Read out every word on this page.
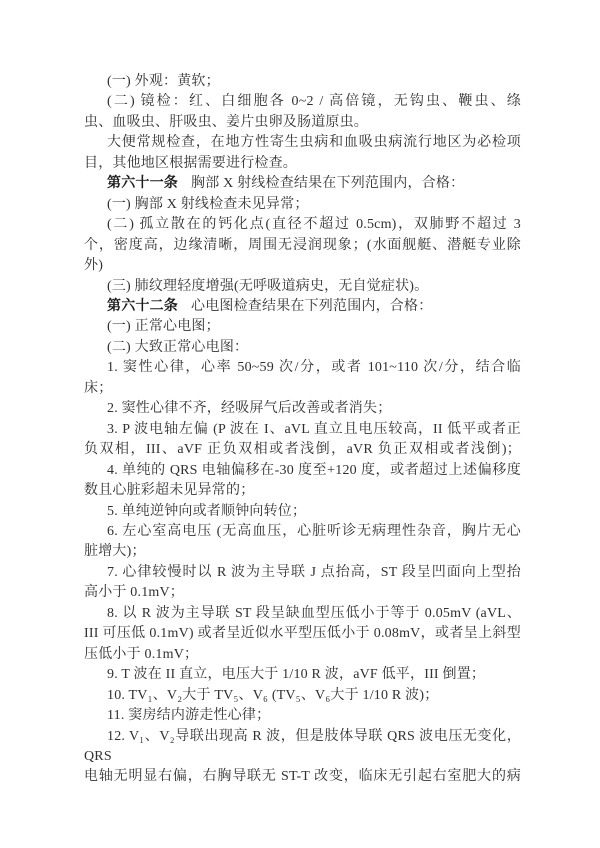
(一) 外观：黄软；
(二) 镜检：红、白细胞各 0~2 / 高倍镜，无钩虫、鞭虫、绦
虫、血吸虫、肝吸虫、姜片虫卵及肠道原虫。
大便常规检查，在地方性寄生虫病和血吸虫病流行地区为必检项
目，其他地区根据需要进行检查。
第六十一条 胸部 X 射线检查结果在下列范围内，合格：
(一) 胸部 X 射线检查未见异常；
(二) 孤立散在的钙化点(直径不超过 0.5cm)，双肺野不超过 3
个，密度高，边缘清晰，周围无浸润现象；(水面舰艇、潜艇专业除
外)
(三) 肺纹理轻度增强(无呼吸道病史，无自觉症状)。
第六十二条 心电图检查结果在下列范围内，合格：
(一) 正常心电图；
(二) 大致正常心电图：
1. 窦性心律，心率 50~59 次/分，或者 101~110 次/分，结合临
床；
2. 窦性心律不齐，经吸屏气后改善或者消失；
3. P 波电轴左偏 (P 波在 I、aVL 直立且电压较高，II 低平或者正
负双相，III、aVF 正负双相或者浅倒，aVR 负正双相或者浅倒)；
4. 单纯的 QRS 电轴偏移在-30 度至+120 度，或者超过上述偏移度
数且心脏彩超未见异常的；
5. 单纯逆钟向或者顺钟向转位；
6. 左心室高电压 (无高血压，心脏听诊无病理性杂音，胸片无心
脏增大)；
7. 心律较慢时以 R 波为主导联 J 点抬高，ST 段呈凹面向上型抬
高小于 0.1mV；
8. 以 R 波为主导联 ST 段呈缺血型压低小于等于 0.05mV (aVL、
III 可压低 0.1mV) 或者呈近似水平型压低小于 0.08mV，或者呈上斜型
压低小于 0.1mV；
9. T 波在 II 直立，电压大于 1/10 R 波，aVF 低平，III 倒置；
10. TV₁、V₂大于 TV₅、V₆ (TV₅、V₆大于 1/10 R 波)；
11. 窦房结内游走性心律；
12. V₁、V₂导联出现高 R 波，但是肢体导联 QRS 波电压无变化，QRS
电轴无明显右偏，右胸导联无 ST-T 改变，临床无引起右室肥大的病
